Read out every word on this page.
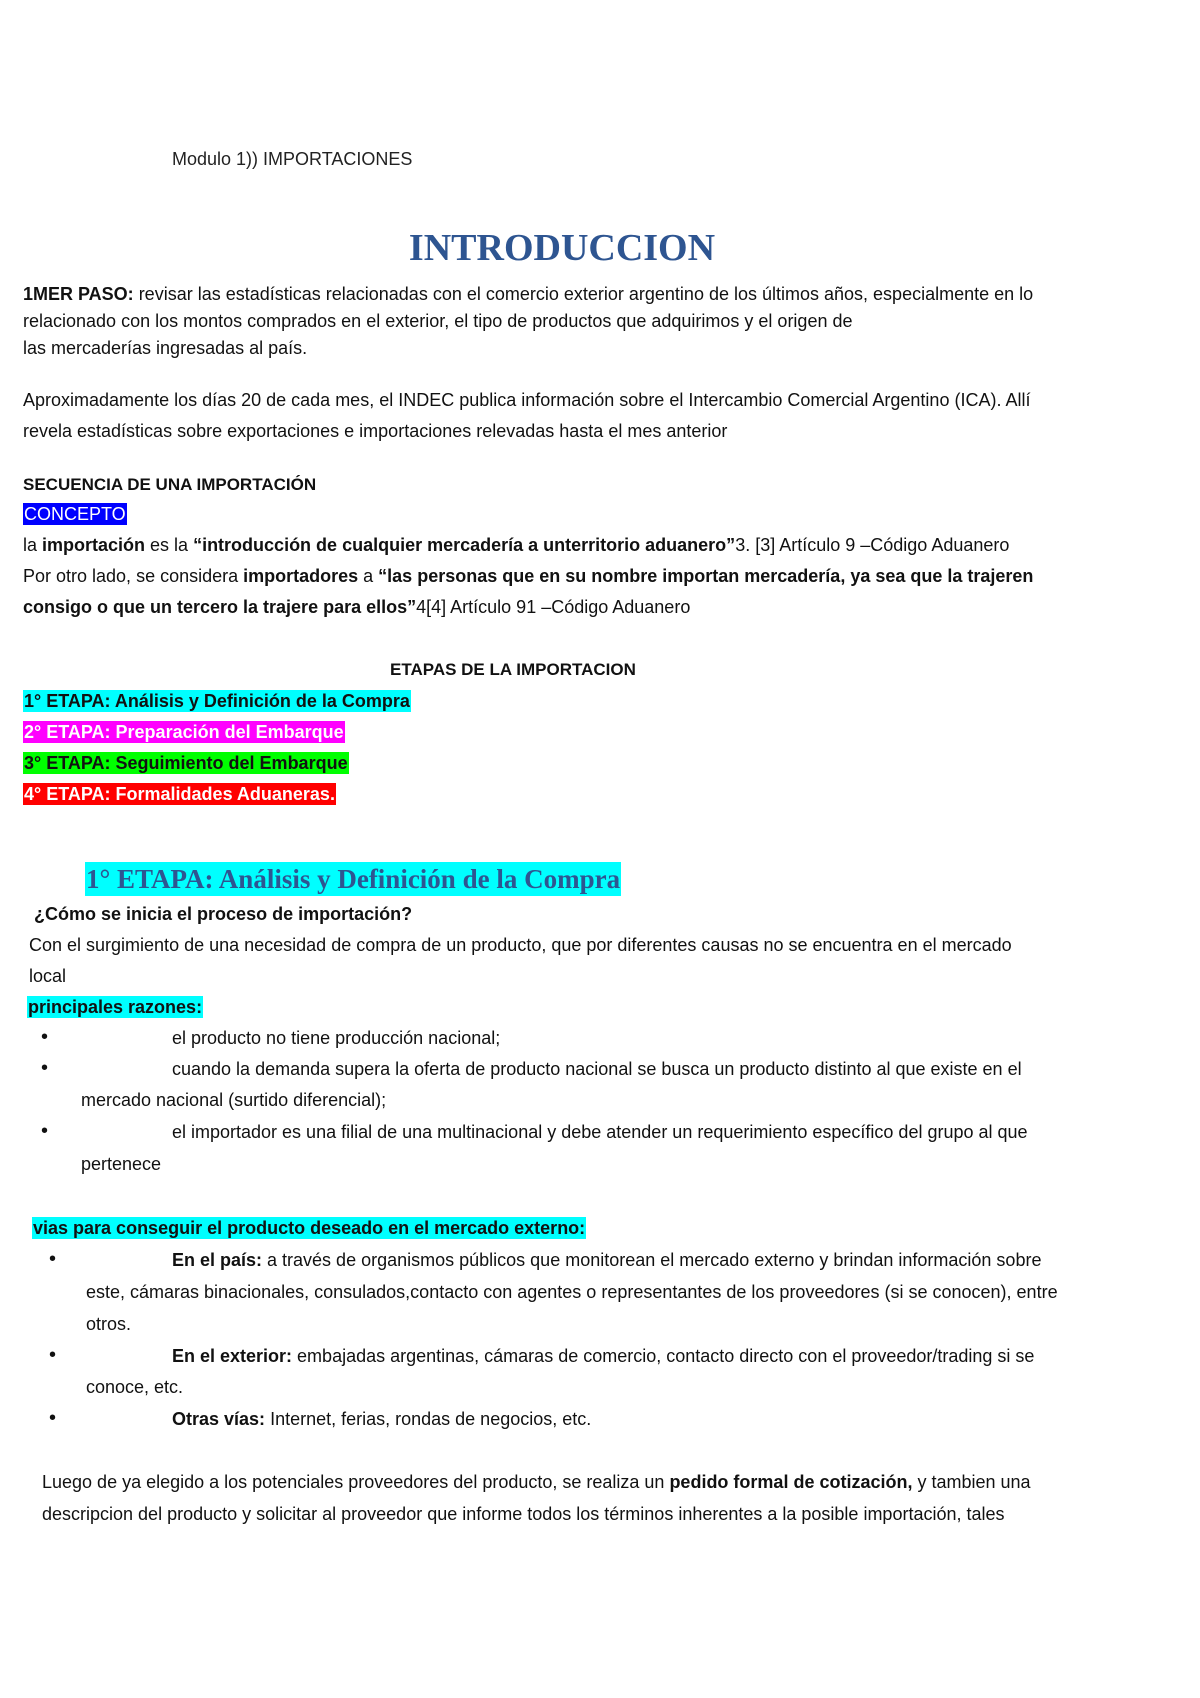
Modulo 1)) IMPORTACIONES
INTRODUCCION
1MER PASO: revisar las estadísticas relacionadas con el comercio exterior argentino de los últimos años, especialmente en lo
relacionado con los montos comprados en el exterior, el tipo de productos que adquirimos y el origen de
las mercaderías ingresadas al país.
Aproximadamente los días 20 de cada mes, el INDEC publica información sobre el Intercambio Comercial Argentino (ICA). Allí
revela estadísticas sobre exportaciones e importaciones relevadas hasta el mes anterior
SECUENCIA DE UNA IMPORTACIÓN
CONCEPTO
la importación es la “introducción de cualquier mercadería a unterritorio aduanero”3. [3] Artículo 9 –Código Aduanero
Por otro lado, se considera importadores a “las personas que en su nombre importan mercadería, ya sea que la trajeren
consigo o que un tercero la trajere para ellos”4[4] Artículo 91 –Código Aduanero
ETAPAS DE LA IMPORTACION
1° ETAPA: Análisis y Definición de la Compra
2° ETAPA: Preparación del Embarque
3° ETAPA: Seguimiento del Embarque
4° ETAPA: Formalidades Aduaneras.
1° ETAPA: Análisis y Definición de la Compra
¿Cómo se inicia el proceso de importación?
Con el surgimiento de una necesidad de compra de un producto, que por diferentes causas no se encuentra en el mercado
local
principales razones:
•	el producto no tiene producción nacional;
•	cuando la demanda supera la oferta de producto nacional se busca un producto distinto al que existe en el
mercado nacional (surtido diferencial);
•	el importador es una filial de una multinacional y debe atender un requerimiento específico del grupo al que
pertenece
vias para conseguir el producto deseado en el mercado externo:
•	En el país: a través de organismos públicos que monitorean el mercado externo y brindan información sobre
este, cámaras binacionales, consulados,contacto con agentes o representantes de los proveedores (si se conocen), entre
otros.
•	En el exterior: embajadas argentinas, cámaras de comercio, contacto directo con el proveedor/trading si se
conoce, etc.
•	Otras vías: Internet, ferias, rondas de negocios, etc.
Luego de ya elegido a los potenciales proveedores del producto, se realiza un pedido formal de cotización, y tambien una
descripcion del producto y solicitar al proveedor que informe todos los términos inherentes a la posible importación, tales
